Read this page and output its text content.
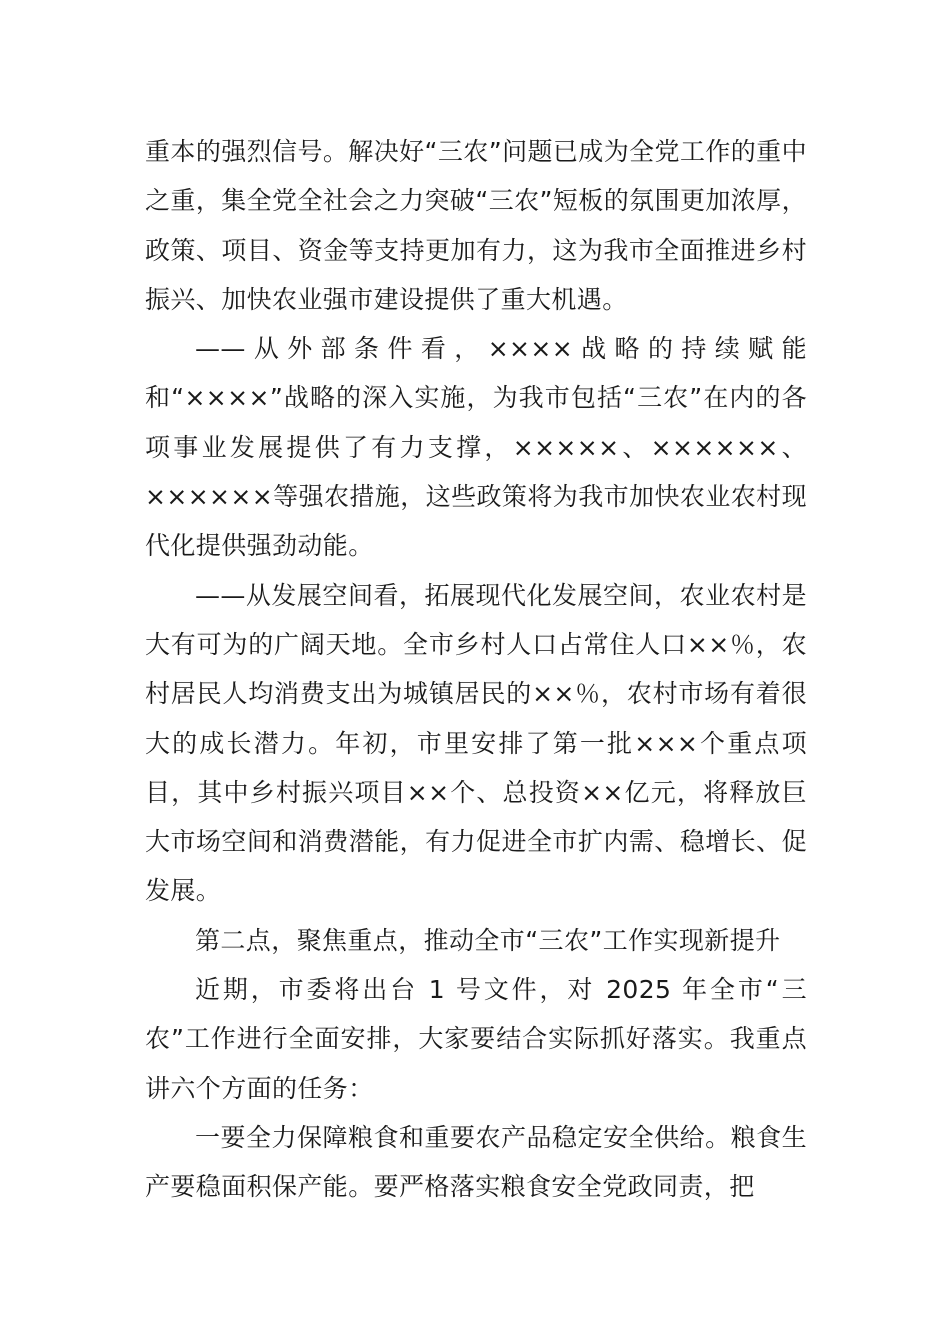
重本的强烈信号。解决好“三农”问题已成为全党工作的重中之重，集全党全社会之力突破“三农”短板的氛围更加浓厚，政策、项目、资金等支持更加有力，这为我市全面推进乡村振兴、加快农业强市建设提供了重大机遇。

——从外部条件看，××××战略的持续赋能和“××××”战略的深入实施，为我市包括“三农”在内的各项事业发展提供了有力支撑，×××××、××××××、××××××等强农措施，这些政策将为我市加快农业农村现代化提供强劲动能。

——从发展空间看，拓展现代化发展空间，农业农村是大有可为的广阔天地。全市乡村人口占常住人口××％，农村居民人均消费支出为城镇居民的××％，农村市场有着很大的成长潜力。年初，市里安排了第一批×××个重点项目，其中乡村振兴项目××个、总投资××亿元，将释放巨大市场空间和消费潜能，有力促进全市扩内需、稳增长、促发展。

第二点，聚焦重点，推动全市“三农”工作实现新提升

近期，市委将出台 1 号文件，对 2025 年全市“三农”工作进行全面安排，大家要结合实际抓好落实。我重点讲六个方面的任务：

一要全力保障粮食和重要农产品稳定安全供给。粮食生产要稳面积保产能。要严格落实粮食安全党政同责，把
